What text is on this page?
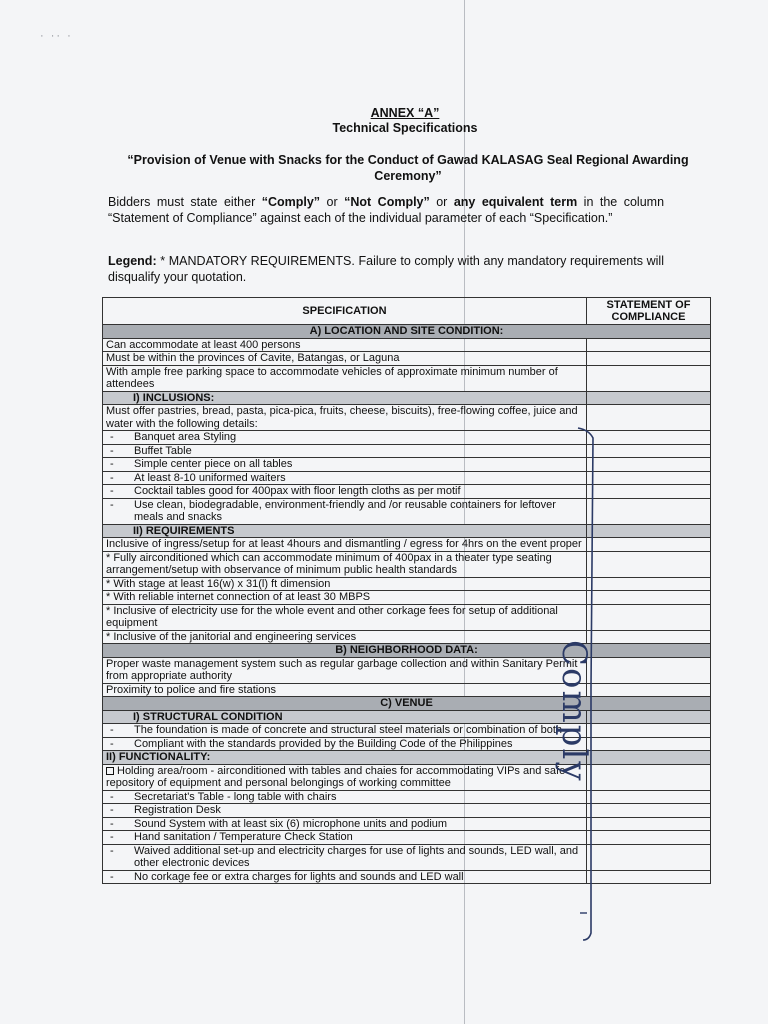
· ·· ·
ANNEX “A”
Technical Specifications
“Provision of Venue with Snacks for the Conduct of Gawad KALASAG Seal Regional Awarding Ceremony”
Bidders must state either “Comply” or “Not Comply” or any equivalent term in the column “Statement of Compliance” against each of the individual parameter of each “Specification.”
Legend: * MANDATORY REQUIREMENTS. Failure to comply with any mandatory requirements will disqualify your quotation.
SPECIFICATION	STATEMENT OF COMPLIANCE
A) LOCATION AND SITE CONDITION:	
Can accommodate at least 400 persons	
Must be within the provinces of Cavite, Batangas, or Laguna	
With ample free parking space to accommodate vehicles of approximate minimum number of attendees	
I) INCLUSIONS:	
Must offer pastries, bread, pasta, pica-pica, fruits, cheese, biscuits), free-flowing coffee, juice and water with the following details:	
- Banquet area Styling	
- Buffet Table	
- Simple center piece on all tables	
- At least 8-10 uniformed waiters	
- Cocktail tables good for 400pax with floor length cloths as per motif	

- Use clean, biodegradable, environment-friendly and /or reusable containers for leftover meals and snacks	

II) REQUIREMENTS	
Inclusive of ingress/setup for at least 4hours and dismantling / egress for 4hrs on the event proper	
* Fully airconditioned which can accommodate minimum of 400pax in a theater type seating arrangement/setup with observance of minimum public health standards	
* With stage at least 16(w) x 31(l) ft dimension	
* With reliable internet connection of at least 30 MBPS	
* Inclusive of electricity use for the whole event and other corkage fees for setup of additional equipment	
* Inclusive of the janitorial and engineering services	
B) NEIGHBORHOOD DATA:	
Proper waste management system such as regular garbage collection and within Sanitary Permit from appropriate authority	
Proximity to police and fire stations	
C) VENUE	
I) STRUCTURAL CONDITION	

- The foundation is made of concrete and structural steel materials or combination of both	

- Compliant with the standards provided by the Building Code of the Philippines	
II) FUNCTIONALITY:	
Holding area/room - airconditioned with tables and chaies for accommodating VIPs and safe repository of equipment and personal belongings of working committee	
- Secretariat's Table - long table with chairs	
- Registration Desk	
- Sound System with at least six (6) microphone units and podium	
- Hand sanitation / Temperature Check Station	

- Waived additional set-up and electricity charges for use of lights and sounds, LED wall, and other electronic devices	

- No corkage fee or extra charges for lights and sounds and LED wall	
Comply
